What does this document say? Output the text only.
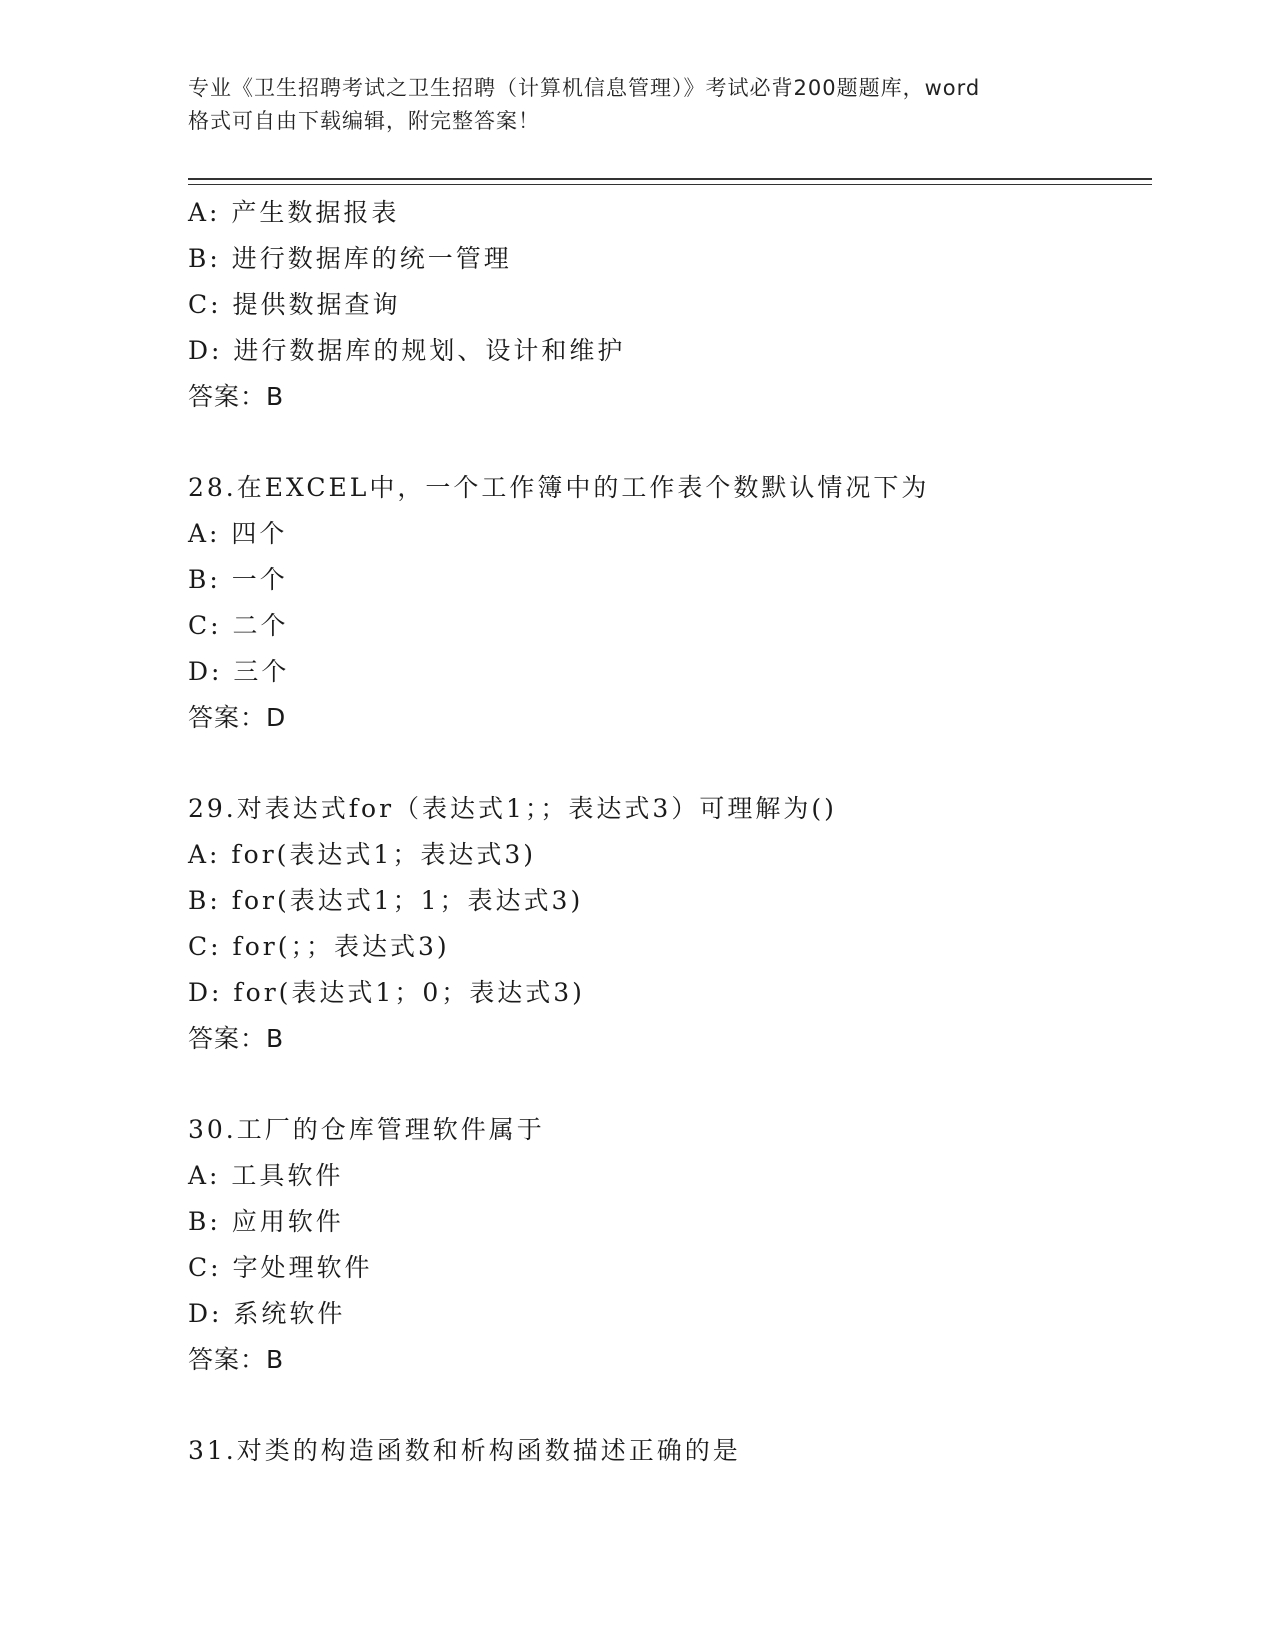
专业《卫生招聘考试之卫生招聘（计算机信息管理）》考试必背200题题库，word
格式可自由下载编辑，附完整答案！
A: 产生数据报表
B: 进行数据库的统一管理
C: 提供数据查询
D: 进行数据库的规划、设计和维护
答案：B
28.在EXCEL中，一个工作簿中的工作表个数默认情况下为
A: 四个
B: 一个
C: 二个
D: 三个
答案：D
29.对表达式for（表达式1；；表达式3）可理解为()
A: for(表达式1；表达式3)
B: for(表达式1；1；表达式3)
C: for(；；表达式3)
D: for(表达式1；0；表达式3)
答案：B
30.工厂的仓库管理软件属于
A: 工具软件
B: 应用软件
C: 字处理软件
D: 系统软件
答案：B
31.对类的构造函数和析构函数描述正确的是
